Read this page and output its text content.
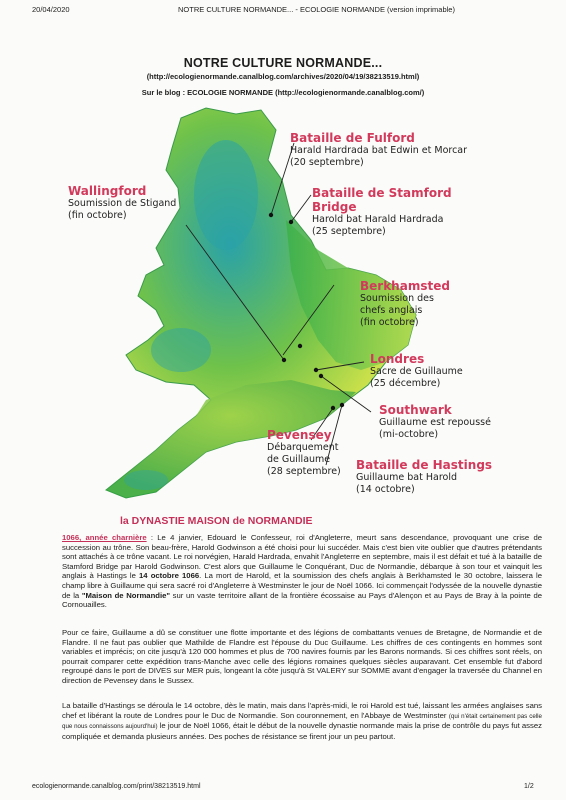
20/04/2020	NOTRE CULTURE NORMANDE... - ECOLOGIE NORMANDE (version imprimable)
NOTRE CULTURE NORMANDE...
(http://ecologienormande.canalblog.com/archives/2020/04/19/38213519.html)
Sur le blog : ECOLOGIE NORMANDE (http://ecologienormande.canalblog.com/)
Bataille de Fulford
Harald Hardrada bat Edwin et Morcar
(20 septembre)
Bataille de Stamford Bridge
Harold bat Harald Hardrada
(25 septembre)
Wallingford
Soumission de Stigand
(fin octobre)
Berkhamsted
Soumission des
chefs anglais
(fin octobre)
Londres
Sacre de Guillaume
(25 décembre)
Southwark
Guillaume est repoussé
(mi-octobre)
Pevensey
Débarquement
de Guillaume
(28 septembre) Bataille de Hastings
Guillaume bat Harold
(14 octobre)
la DYNASTIE MAISON de NORMANDIE
1066, année charnière : Le 4 janvier, Edouard le Confesseur, roi d'Angleterre, meurt sans descendance, provoquant une crise de succession au trône. Son beau-frère, Harold Godwinson a été choisi pour lui succéder. Mais c'est bien vite oublier que d'autres prétendants sont attachés à ce trône vacant. Le roi norvégien, Harald Hardrada, envahit l'Angleterre en septembre, mais il est défait et tué à la bataille de Stamford Bridge par Harold Godwinson. C'est alors que Guillaume le Conquérant, Duc de Normandie, débarque à son tour et vainquit les anglais à Hastings le 14 octobre 1066. La mort de Harold, et la soumission des chefs anglais à Berkhamsted le 30 octobre, laissera le champ libre à Guillaume qui sera sacré roi d'Angleterre à Westminster le jour de Noël 1066. Ici commençait l'odyssée de la nouvelle dynastie de la "Maison de Normandie" sur un vaste territoire allant de la frontière écossaise au Pays d'Alençon et au Pays de Bray à la pointe de Cornouailles.
Pour ce faire, Guillaume a dû se constituer une flotte importante et des légions de combattants venues de Bretagne, de Normandie et de Flandre. Il ne faut pas oublier que Mathilde de Flandre est l'épouse du Duc Guillaume. Les chiffres de ces contingents en hommes sont variables et imprécis; on cite jusqu'à 120 000 hommes et plus de 700 navires fournis par les Barons normands. Si ces chiffres sont réels, on pourrait comparer cette expédition trans-Manche avec celle des légions romaines quelques siècles auparavant. Cet ensemble fut d'abord regroupé dans le port de DIVES sur MER puis, longeant la côte jusqu'à St VALERY sur SOMME avant d'engager la traversée du Channel en direction de Pevensey dans le Sussex.
La bataille d'Hastings se déroula le 14 octobre, dès le matin, mais dans l'après-midi, le roi Harold est tué, laissant les armées anglaises sans chef et libérant la route de Londres pour le Duc de Normandie. Son couronnement, en l'Abbaye de Westminster (qui n'était certainement pas celle que nous connaissons aujourd'hui) le jour de Noël 1066, était le début de la nouvelle dynastie normande mais la prise de contrôle du pays fut assez compliquée et demanda plusieurs années. Des poches de résistance se firent jour un peu partout.
ecologienormande.canalblog.com/print/38213519.html	1/2
